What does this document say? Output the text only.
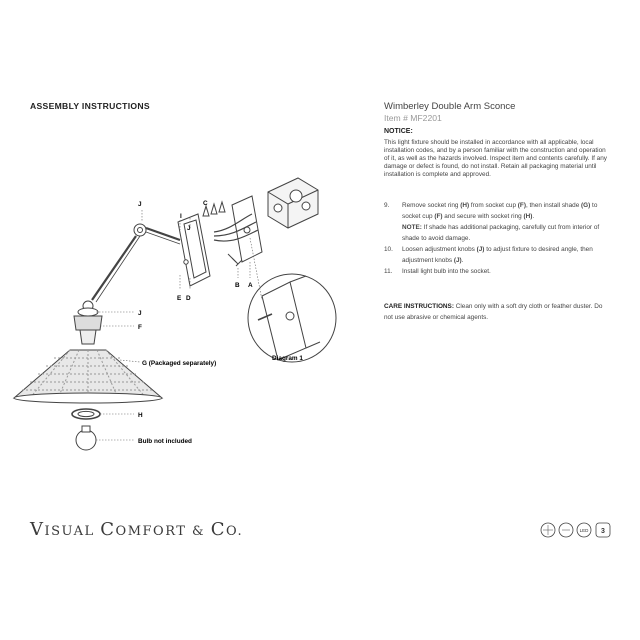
ASSEMBLY INSTRUCTIONS	Wimberley Double Arm Sconce
Item # MF2201
NOTICE:
This light fixture should be installed in accordance with all applicable, local installation codes, and by a person familiar with the construction and operation of it, as well as the hazards involved. Inspect item and contents carefully. If any damage or defect is found, do not install. Retain all packaging material until installation is complete and approved.
9. Remove socket ring (H) from socket cup (F), then install shade (G) to socket cup (F) and secure with socket ring (H).
NOTE: If shade has additional packaging, carefully cut from interior of shade to avoid damage.
10. Loosen adjustment knobs (J) to adjust fixture to desired angle, then adjustment knobs (J).
11. Install light bulb into the socket.
CARE INSTRUCTIONS: Clean only with a soft dry cloth or feather duster. Do not use abrasive or chemical agents.
J
I
C
J
E D
B A
J
F
G (Packaged separately)
H
Bulb not included
Diagram 1
VISUAL COMFORT & CO.	LED 3
